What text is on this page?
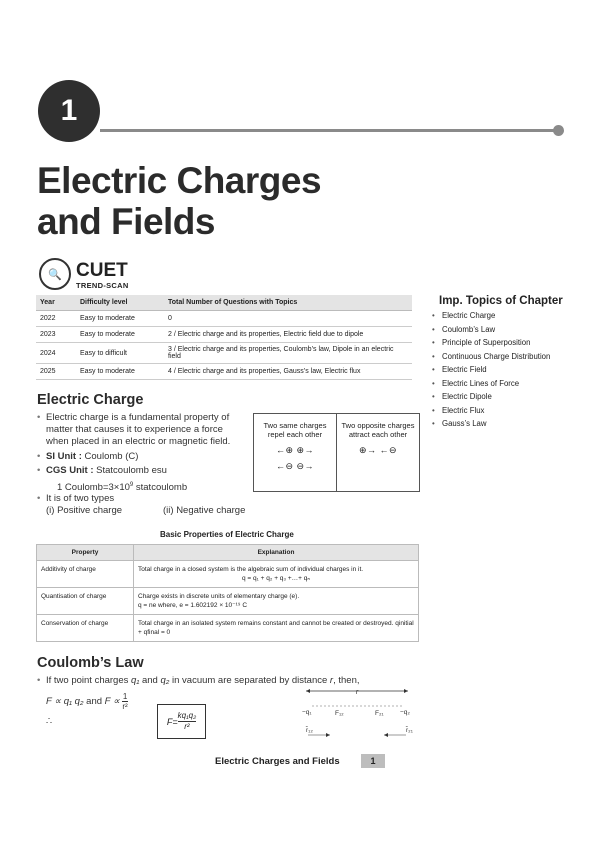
1
Electric Charges
and Fields
🔍 CUET
TREND-SCAN
Year	Difficulty level	Total Number of Questions with Topics
2022	Easy to moderate	0
2023	Easy to moderate	2 / Electric charge and its properties, Electric field due to dipole
2024	Easy to difficult	3 / Electric charge and its properties, Coulomb’s law, Dipole in an electric field
2025	Easy to moderate	4 / Electric charge and its properties, Gauss’s law, Electric flux
Imp. Topics of Chapter
• Electric Charge
• Coulomb’s Law
• Principle of Superposition
• Continuous Charge Distribution
• Electric Field
• Electric Lines of Force
• Electric Dipole
• Electric Flux
• Gauss’s Law
Electric Charge
• Electric charge is a fundamental property of
matter that causes it to experience a force
when placed in an electric or magnetic field.
• SI Unit : Coulomb (C)
• CGS Unit : Statcoulomb esu
1 $Coulomb=3\times 10^9$ statcoulomb
• It is of two types
(i) Positive charge	(ii) Negative charge
Two same charges
repel each other
←⊕ ⊕→
←⊖ ⊖→
Two opposite charges
attract each other
⊕→ ←⊖
Basic Properties of Electric Charge
Property	Explanation
Additivity of charge	Total charge in a closed system is the algebraic sum of individual charges in it.
q = q₁ + q₂ + q₃ +…+ qₙ

Quantisation of charge	Charge exists in discrete units of elementary charge (e).
q = ne where, e = 1.602192 × 10⁻¹⁹ C

Conservation of charge	Total charge in an isolated system remains constant and cannot be created or destroyed. qinitial + qfinal = 0
Coulomb’s Law
• If two point charges q₁ and q₂ in vacuum are separated by distance r, then,
F ∝ q₁ q₂ and $F \propto \frac{1}{\text{r²}}$
∴	$F= \frac{\text{kq₁q₂}}{\text{r²}}$
r
−q₁	F₁₂	F₂₁	−q₂
r̂₁₂	r̂₂₁
Electric Charges and Fields	1
